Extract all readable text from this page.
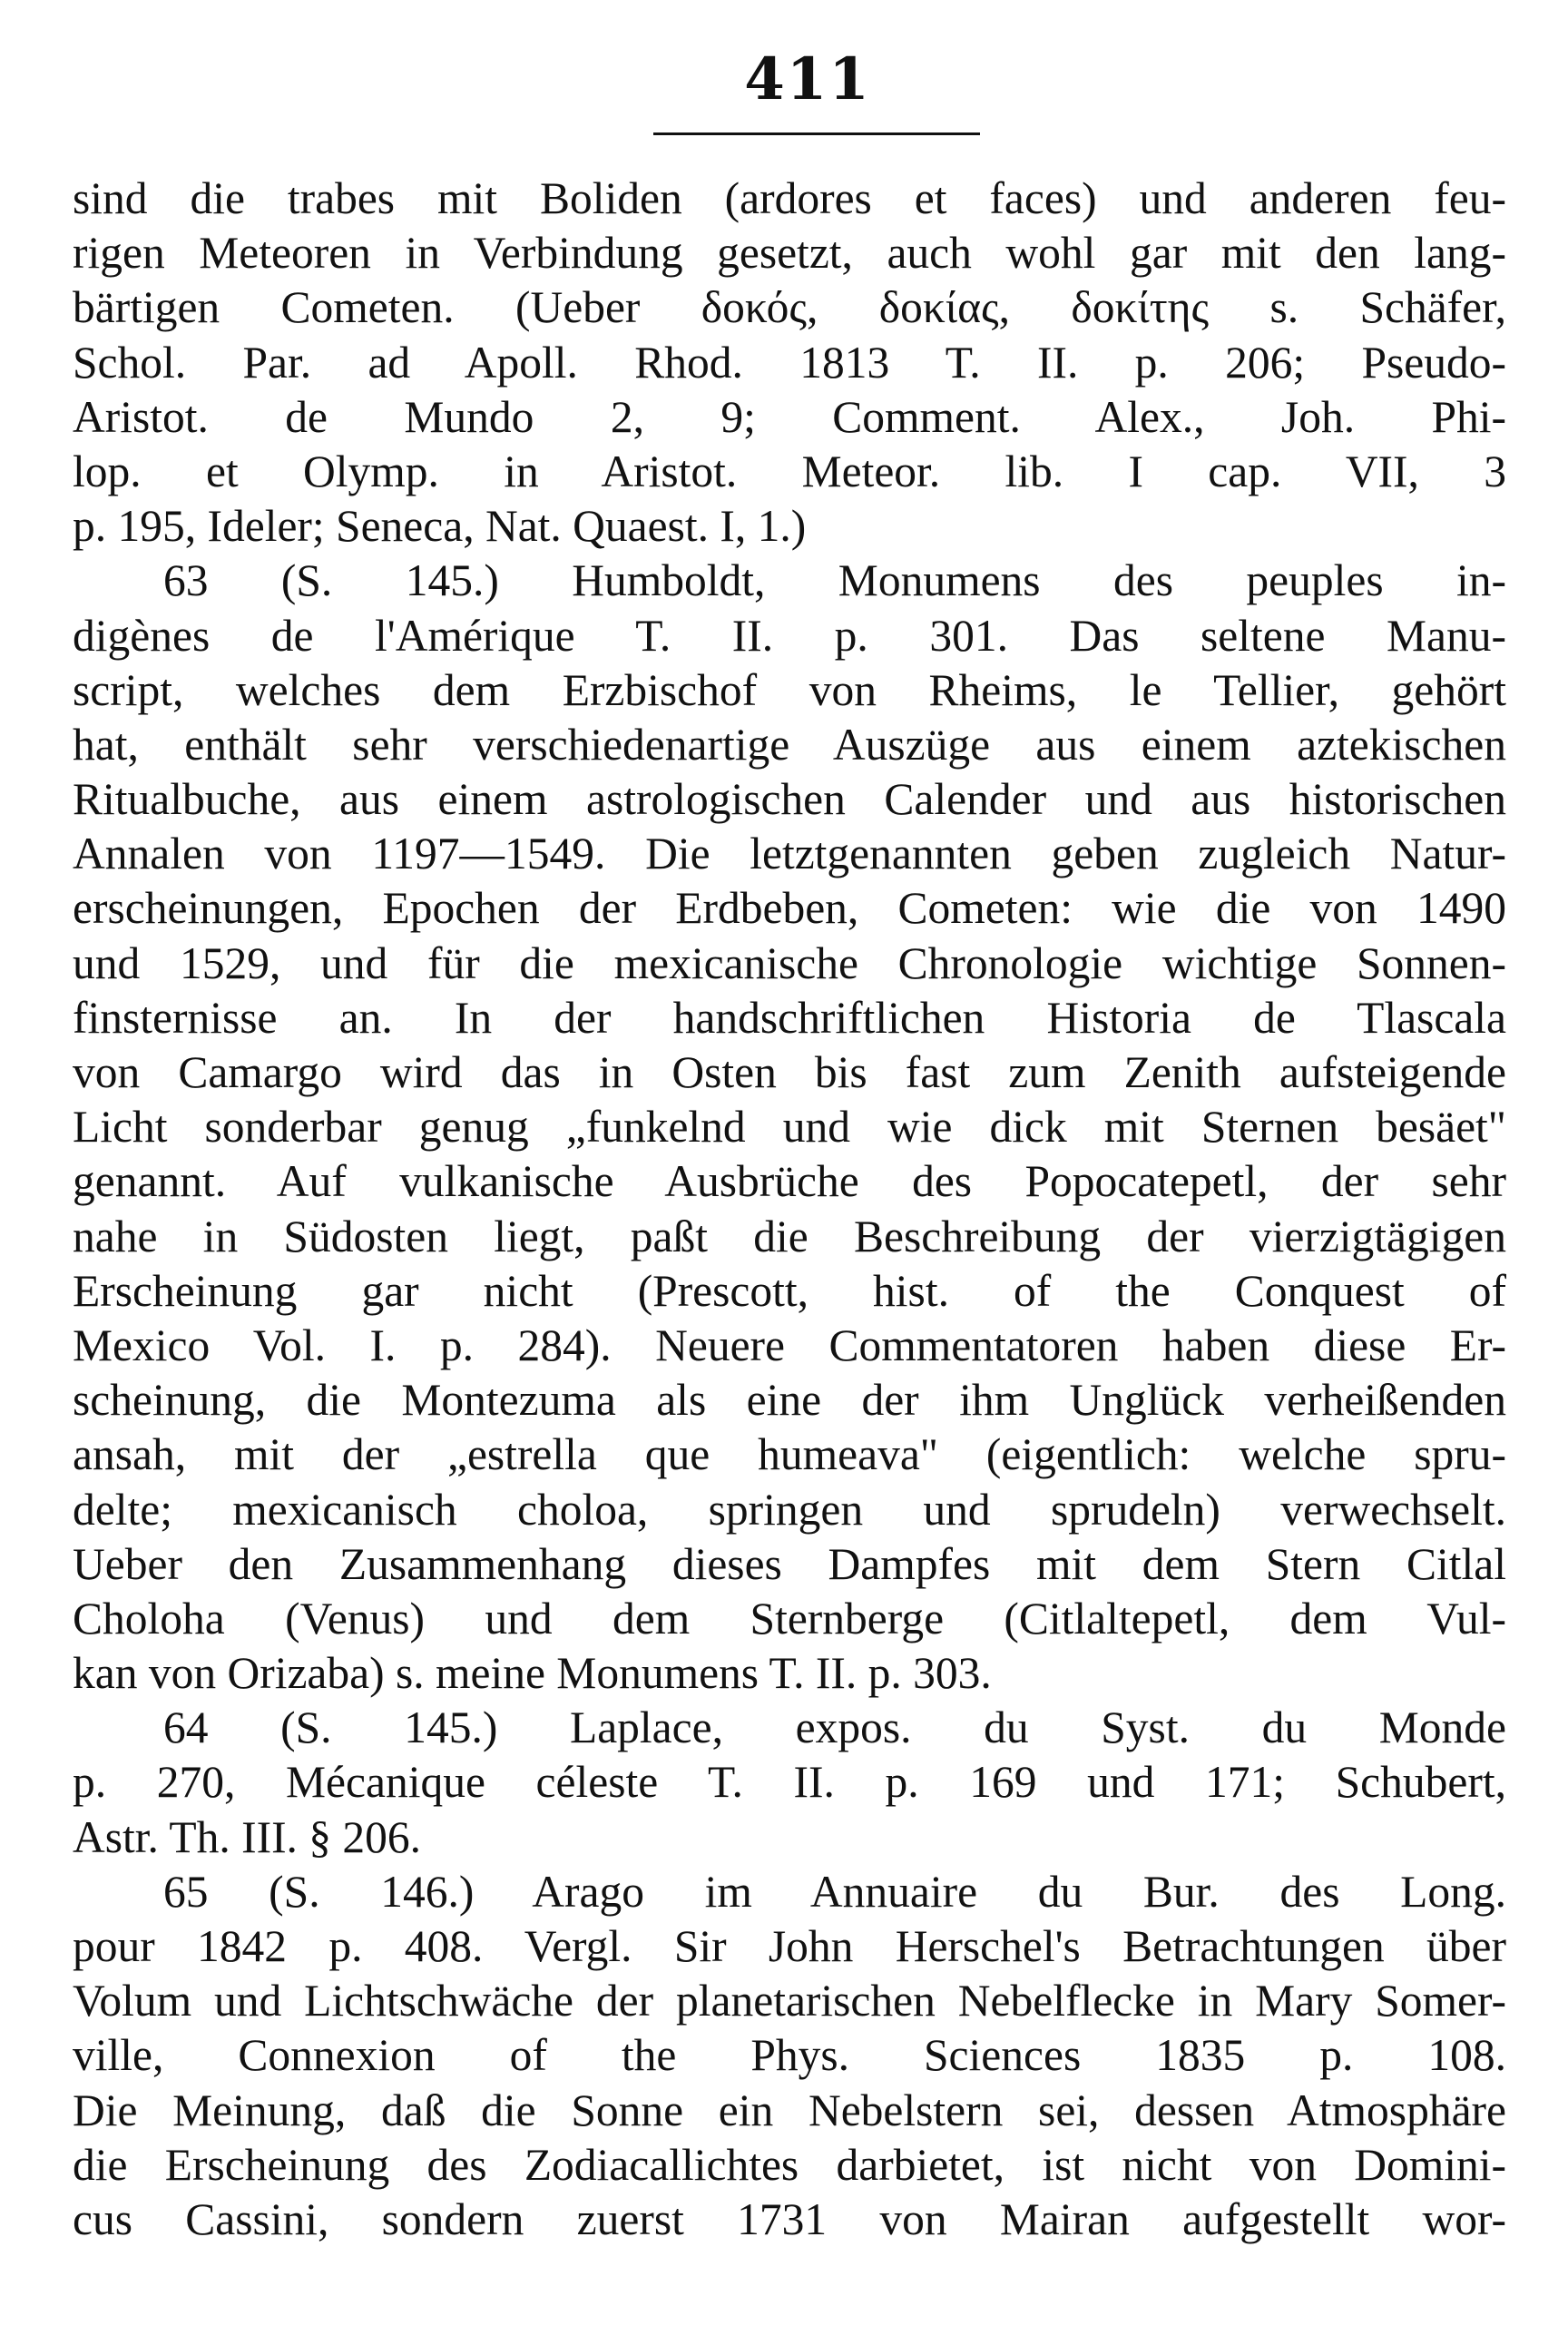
411
sind die trabes mit Boliden (ardores et faces) und anderen feu-
rigen Meteoren in Verbindung gesetzt, auch wohl gar mit den lang-
bärtigen Cometen. (Ueber δοκός, δοκίας, δοκίτης s. Schäfer,
Schol. Par. ad Apoll. Rhod. 1813 T. II. p. 206; Pseudo-
Aristot. de Mundo 2, 9; Comment. Alex., Joh. Phi-
lop. et Olymp. in Aristot. Meteor. lib. I cap. VII, 3
p. 195, Ideler; Seneca, Nat. Quaest. I, 1.)
63 (S. 145.) Humboldt, Monumens des peuples in-
digènes de l'Amérique T. II. p. 301. Das seltene Manu-
script, welches dem Erzbischof von Rheims, le Tellier, gehört
hat, enthält sehr verschiedenartige Auszüge aus einem aztekischen
Ritualbuche, aus einem astrologischen Calender und aus historischen
Annalen von 1197—1549. Die letztgenannten geben zugleich Natur-
erscheinungen, Epochen der Erdbeben, Cometen: wie die von 1490
und 1529, und für die mexicanische Chronologie wichtige Sonnen-
finsternisse an. In der handschriftlichen Historia de Tlascala
von Camargo wird das in Osten bis fast zum Zenith aufsteigende
Licht sonderbar genug „funkelnd und wie dick mit Sternen besäet"
genannt. Auf vulkanische Ausbrüche des Popocatepetl, der sehr
nahe in Südosten liegt, paßt die Beschreibung der vierzigtägigen
Erscheinung gar nicht (Prescott, hist. of the Conquest of
Mexico Vol. I. p. 284). Neuere Commentatoren haben diese Er-
scheinung, die Montezuma als eine der ihm Unglück verheißenden
ansah, mit der „estrella que humeava" (eigentlich: welche spru-
delte; mexicanisch choloa, springen und sprudeln) verwechselt.
Ueber den Zusammenhang dieses Dampfes mit dem Stern Citlal
Choloha (Venus) und dem Sternberge (Citlaltepetl, dem Vul-
kan von Orizaba) s. meine Monumens T. II. p. 303.
64 (S. 145.) Laplace, expos. du Syst. du Monde
p. 270, Mécanique céleste T. II. p. 169 und 171; Schubert,
Astr. Th. III. § 206.
65 (S. 146.) Arago im Annuaire du Bur. des Long.
pour 1842 p. 408. Vergl. Sir John Herschel's Betrachtungen über
Volum und Lichtschwäche der planetarischen Nebelflecke in Mary Somer-
ville, Connexion of the Phys. Sciences 1835 p. 108.
Die Meinung, daß die Sonne ein Nebelstern sei, dessen Atmosphäre
die Erscheinung des Zodiacallichtes darbietet, ist nicht von Domini-
cus Cassini, sondern zuerst 1731 von Mairan aufgestellt wor-
